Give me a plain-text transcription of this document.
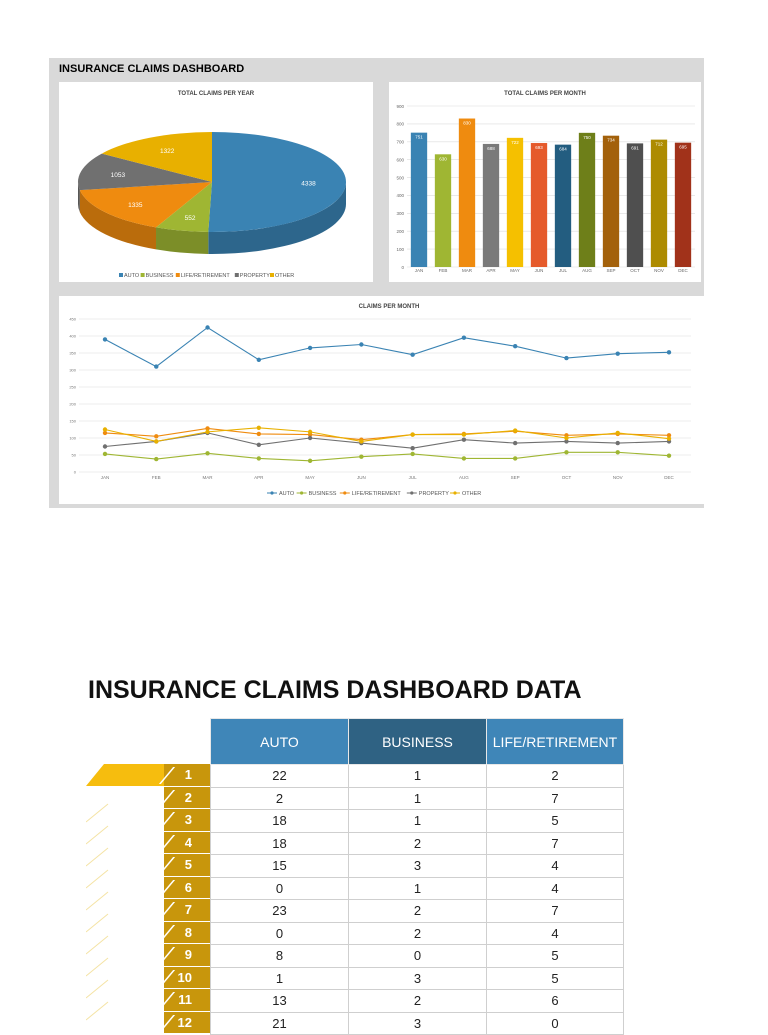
INSURANCE CLAIMS DASHBOARD
TOTAL CLAIMS PER YEAR
4338
552
1335
1053
1322
AUTO BUSINESS LIFE/RETIREMENT PROPERTY OTHER
TOTAL CLAIMS PER MONTH
0
100
200
300
400
500
600
700
800
900
751
JAN
630
FEB
830
MAR
688
APR
722
MAY
693
JUN
684
JUL
750
AUG
734
SEP
691
OCT
712
NOV
695
DEC
CLAIMS PER MONTH
0
50
100
150
200
250
300
350
400
450
JAN	FEB	MAR	APR	MAY	JUN	JUL	AUG	SEP	OCT	NOV	DEC
AUTO	BUSINESS	LIFE/RETIREMENT	PROPERTY OTHER
INSURANCE CLAIMS DASHBOARD DATA
1
2
3
4
5
6
7
8
9
10
11
12
AUTO	BUSINESS	LIFE/RETIREMENT
22	1	2
2	1	7
18	1	5
18	2	7
15	3	4
0	1	4
23	2	7
0	2	4
8	0	5
1	3	5
13	2	6
21	3	0
